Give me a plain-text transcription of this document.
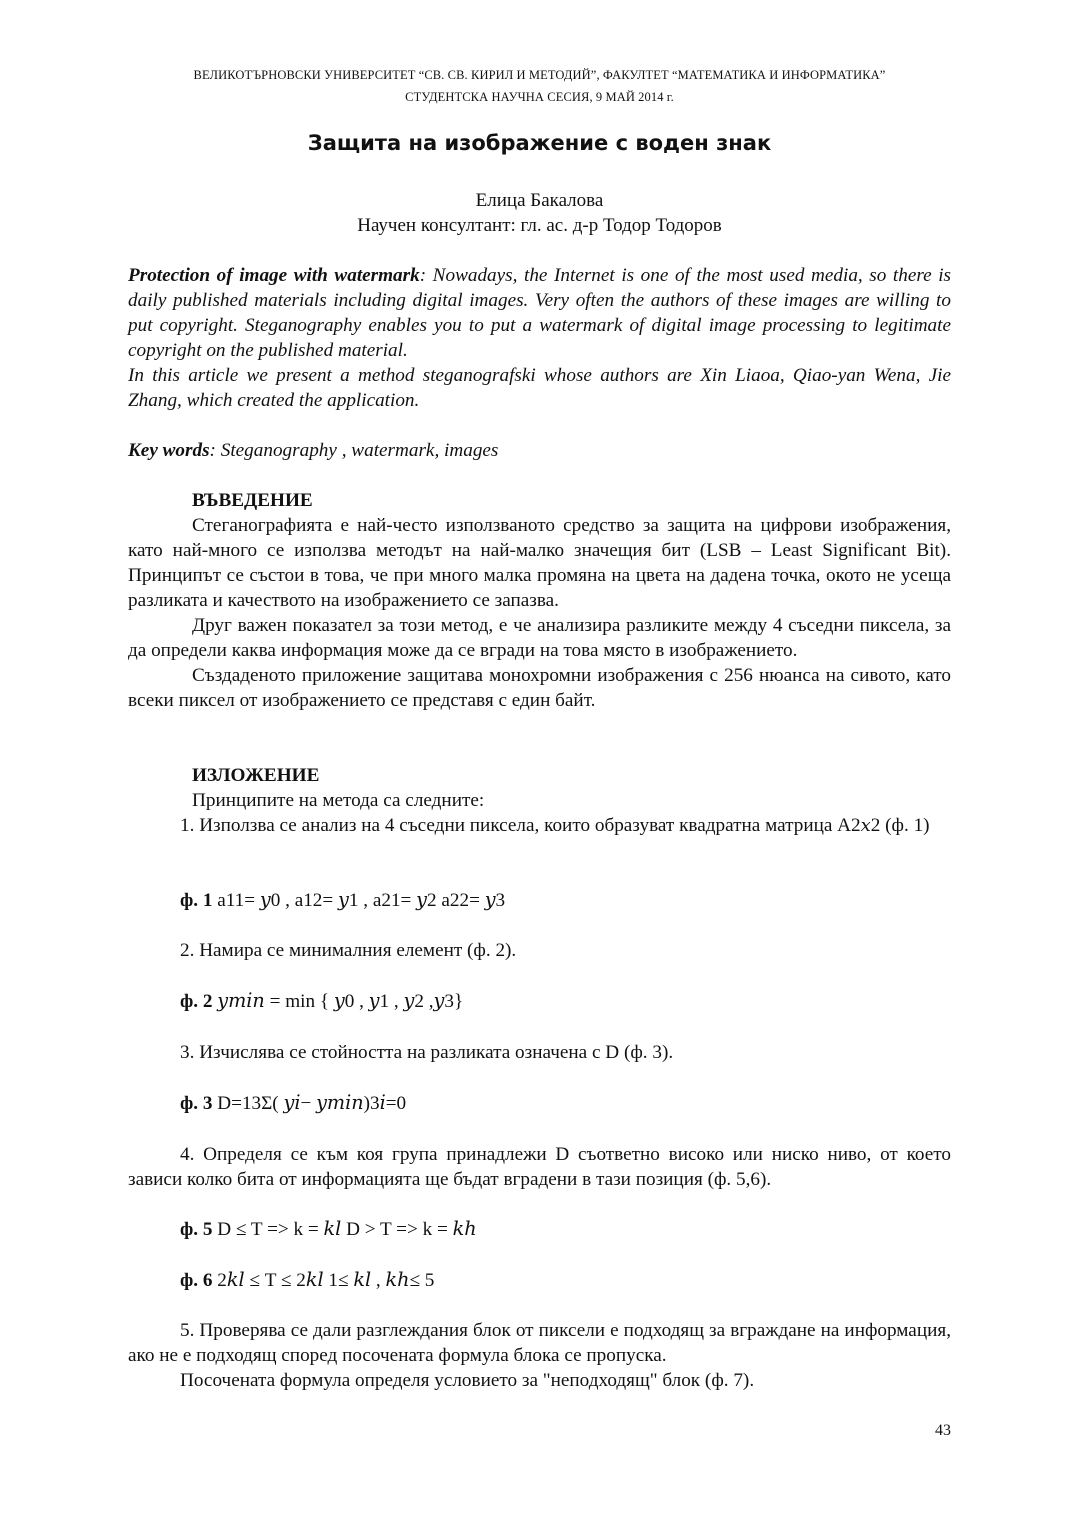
ВЕЛИКОТЪРНОВСКИ УНИВЕРСИТЕТ “СВ. СВ. КИРИЛ И МЕТОДИЙ”, ФАКУЛТЕТ “МАТЕМАТИКА И ИНФОРМАТИКА”
СТУДЕНТСКА НАУЧНА СЕСИЯ, 9 МАЙ 2014 г.
Защита на изображение с воден знак
Елица Бакалова
Научен консултант: гл. ас. д-р Тодор Тодоров

Protection of image with watermark: Nowadays, the Internet is one of the most used media, so there is daily published materials including digital images. Very often the authors of these images are willing to put copyright. Steganography enables you to put a watermark of digital image processing to legitimate copyright on the published material.

In this article we present a method steganografski whose authors are Xin Liaoa, Qiao-yan Wena, Jie Zhang, which created the application.

Key words: Steganography , watermark, images

ВЪВЕДЕНИЕ

Стеганографията е най-често използваното средство за защита на цифрови изображения, като най-много се използва методът на най-малко значещия бит (LSB – Least Significant Bit). Принципът се състои в това, че при много малка промяна на цвета на дадена точка, окото не усеща разликата и качеството на изображението се запазва.

Друг важен показател за този метод, е че анализира разликите между 4 съседни пиксела, за да определи каква информация може да се вгради на това място в изображението.

Създаденото приложение защитава монохромни изображения с 256 нюанса на сивото, като всеки пиксел от изображението се представя с един байт.

ИЗЛОЖЕНИЕ

Принципите на метода са следните:

1. Използва се анализ на 4 съседни пиксела, които образуват квадратна матрица А2𝑥2 (ф. 1)

ф. 1 a11= 𝑦0 , a12= 𝑦1 , a21= 𝑦2 a22= 𝑦3

2. Намира се минималния елемент (ф. 2).

ф. 2 𝑦𝑚𝑖𝑛 = min { 𝑦0 , 𝑦1 , 𝑦2 ,𝑦3}

3. Изчислява се стойността на разликата означена с D (ф. 3).

ф. 3 D=13Σ( 𝑦𝑖− 𝑦𝑚𝑖𝑛)3𝑖=0

4. Определя се към коя група принадлежи D съответно високо или ниско ниво, от което зависи колко бита от информацията ще бъдат вградени в тази позиция (ф. 5,6).

ф. 5 D ≤ T => k = 𝑘𝑙 D > T => k = 𝑘ℎ
ф. 6 2𝑘𝑙 ≤ T ≤ 2𝑘𝑙 1≤ 𝑘𝑙 , 𝑘ℎ≤ 5

5. Проверява се дали разглеждания блок от пиксели е подходящ за вграждане на информация, ако не е подходящ според посочената формула блока се пропуска.

Посочената формула определя условието за "неподходящ" блок (ф. 7).

43
